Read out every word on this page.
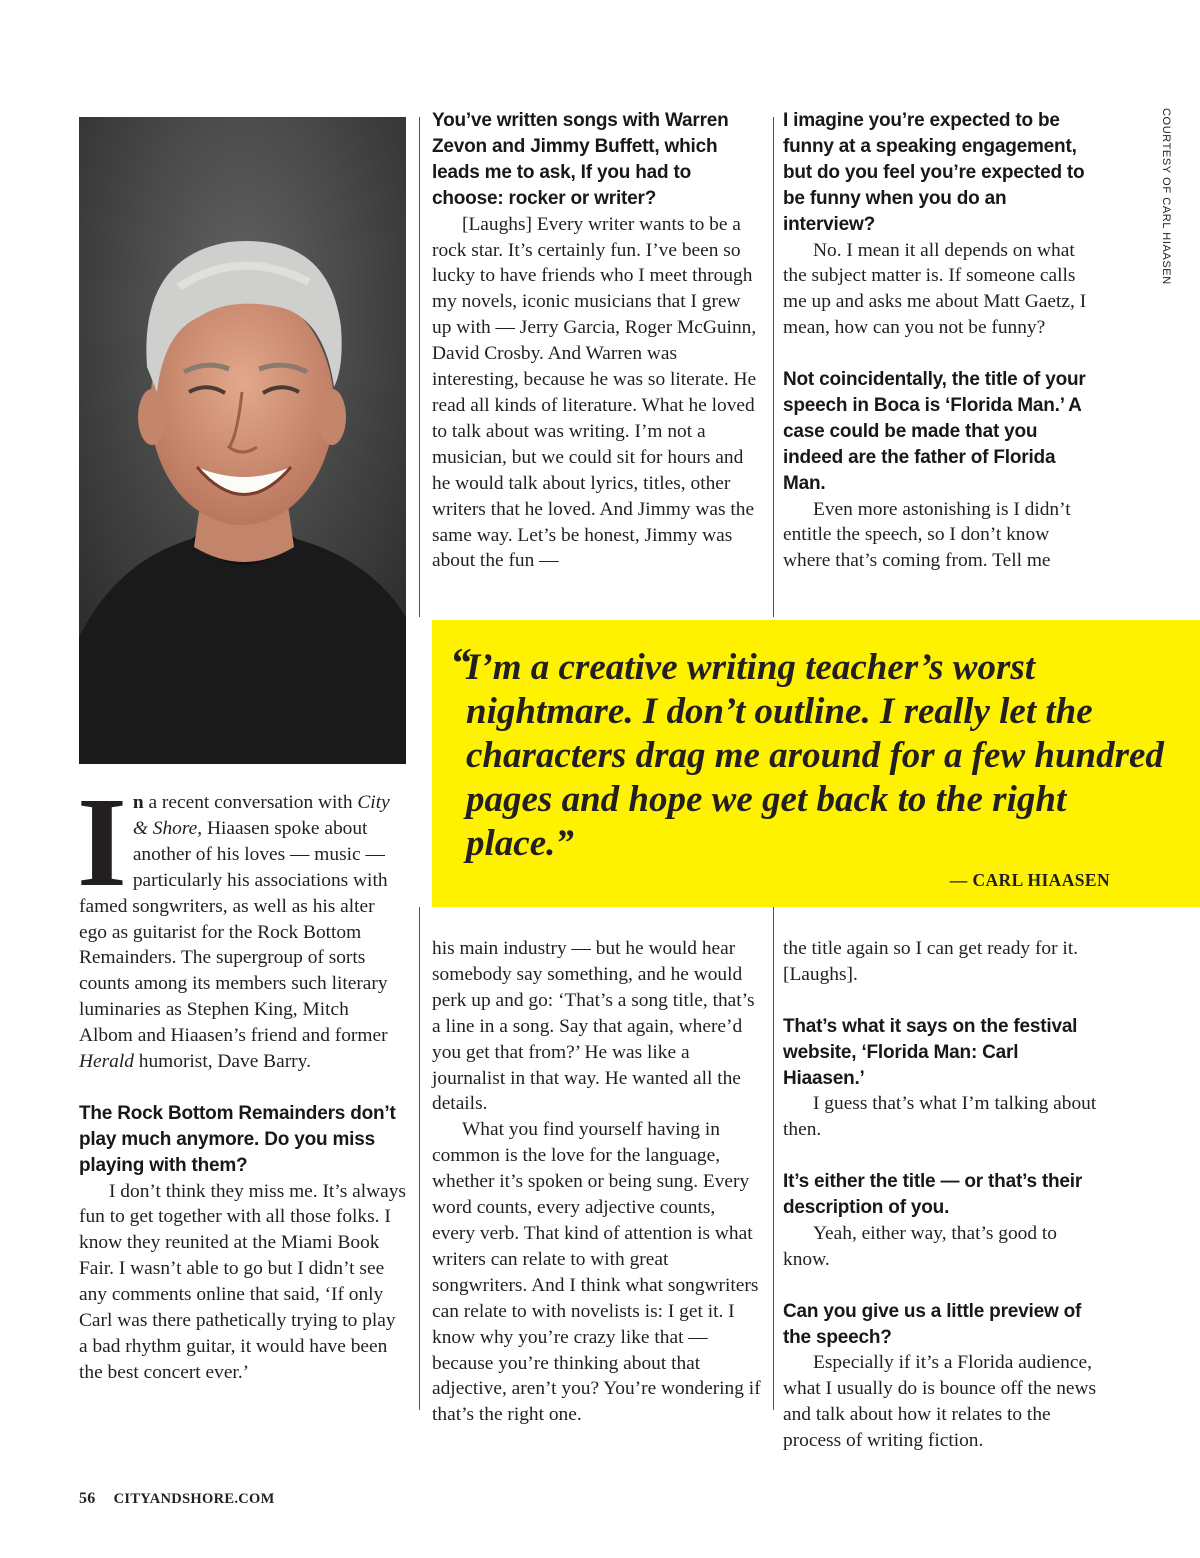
COURTESY OF CARL HIAASEN

In a recent conversation with City & Shore, Hiaasen spoke about another of his loves — music — particularly his associations with famed songwriters, as well as his alter ego as guitarist for the Rock Bottom Remainders. The supergroup of sorts counts among its members such literary luminaries as Stephen King, Mitch Albom and Hiaasen’s friend and former Herald humorist, Dave Barry.

The Rock Bottom Remainders don’t play much anymore. Do you miss playing with them?

I don’t think they miss me. It’s always fun to get together with all those folks. I know they reunited at the Miami Book Fair. I wasn’t able to go but I didn’t see any comments online that said, ‘If only Carl was there pathetically trying to play a bad rhythm guitar, it would have been the best concert ever.’

You’ve written songs with Warren Zevon and Jimmy Buffett, which leads me to ask, If you had to choose: rocker or writer?

[Laughs] Every writer wants to be a rock star. It’s certainly fun. I’ve been so lucky to have friends who I meet through my novels, iconic musicians that I grew up with — Jerry Garcia, Roger McGuinn, David Crosby. And Warren was interesting, because he was so literate. He read all kinds of literature. What he loved to talk about was writing. I’m not a musician, but we could sit for hours and he would talk about lyrics, titles, other writers that he loved. And Jimmy was the same way. Let’s be honest, Jimmy was about the fun —

I imagine you’re expected to be funny at a speaking engagement, but do you feel you’re expected to be funny when you do an interview?

No. I mean it all depends on what the subject matter is. If someone calls me up and asks me about Matt Gaetz, I mean, how can you not be funny?

Not coincidentally, the title of your speech in Boca is ‘Florida Man.’ A case could be made that you indeed are the father of Florida Man.

Even more astonishing is I didn’t entitle the speech, so I don’t know where that’s coming from. Tell me

“
I’m a creative writing teacher’s worst nightmare. I don’t outline. I really let the characters drag me around for a few hundred pages and hope we get back to the right place.”
— CARL HIAASEN

his main industry — but he would hear somebody say something, and he would perk up and go: ‘That’s a song title, that’s a line in a song. Say that again, where’d you get that from?’ He was like a journalist in that way. He wanted all the details.

What you find yourself having in common is the love for the language, whether it’s spoken or being sung. Every word counts, every adjective counts, every verb. That kind of attention is what writers can relate to with great songwriters. And I think what songwriters can relate to with novelists is: I get it. I know why you’re crazy like that — because you’re thinking about that adjective, aren’t you? You’re wondering if that’s the right one.

the title again so I can get ready for it. [Laughs].

That’s what it says on the festival website, ‘Florida Man: Carl Hiaasen.’

I guess that’s what I’m talking about then.

It’s either the title — or that’s their description of you.

Yeah, either way, that’s good to know.

Can you give us a little preview of the speech?

Especially if it’s a Florida audience, what I usually do is bounce off the news and talk about how it relates to the process of writing fiction.

56 CITYANDSHORE.COM
